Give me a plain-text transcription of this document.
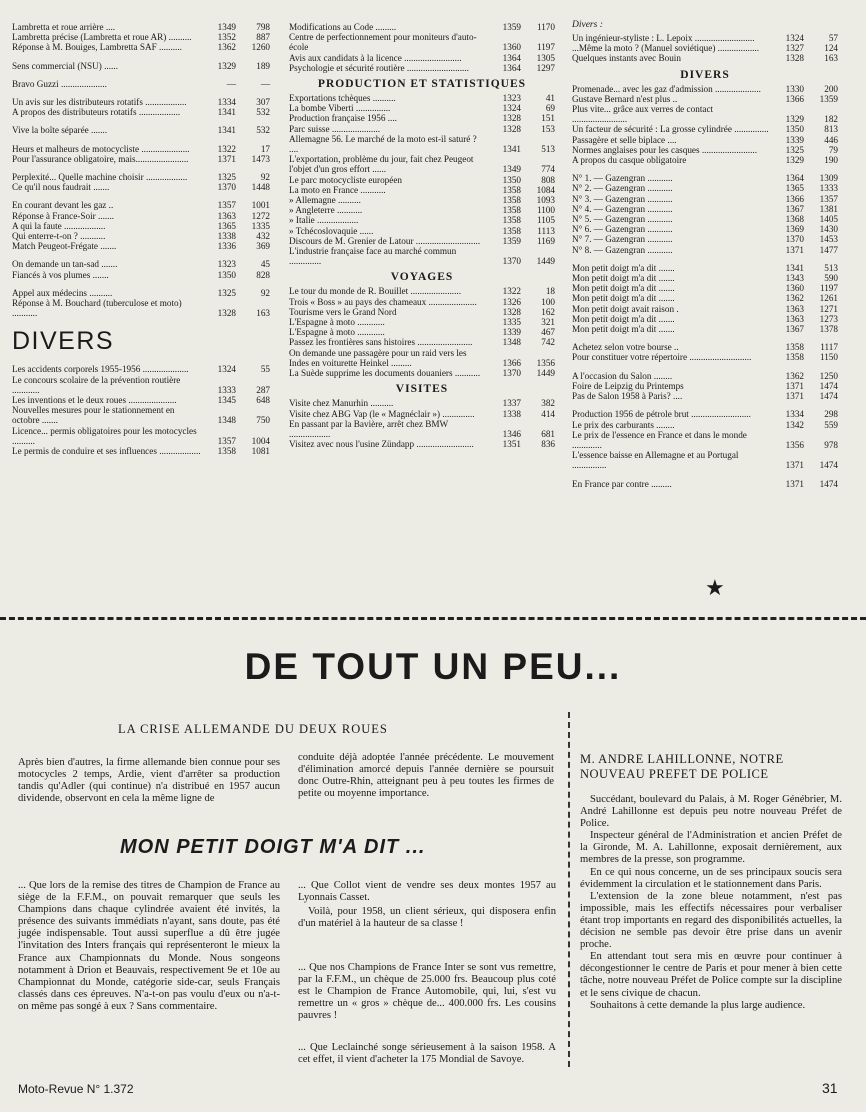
Lambretta et roue arrière ....	1349	798
Lambretta précise (Lambretta et roue AR) ..........	1352	887
Réponse à M. Bouiges, Lambretta SAF ..........	1362	1260
Sens commercial (NSU) ......	1329	189
Bravo Guzzi ....................	—	—
Un avis sur les distributeurs rotatifs ..................	1334	307
A propos des distributeurs rotatifs ..................	1341	532
Vive la boîte séparée .......	1341	532
Heurs et malheurs de motocycliste .....................	1322	17
Pour l'assurance obligatoire, mais.......................	1371	1473
Perplexité... Quelle machine choisir ..................	1325	92
Ce qu'il nous faudrait .......	1370	1448
En courant devant les gaz ..	1357	1001
Réponse à France-Soir .......	1363	1272
A qui la faute ..................	1365	1335
Qui enterre-t-on ? ...........	1338	432
Match Peugeot-Frégate .......	1336	369
On demande un tan-sad .......	1323	45
Fiancés à vos plumes .......	1350	828
Appel aux médecins ..........	1325	92
Réponse à M. Bouchard (tuberculose et moto) ...........	1328	163
DIVERS
Les accidents corporels 1955-1956 ....................	1324	55
Le concours scolaire de la prévention routière ............	1333	287
Les inventions et le deux roues .....................	1345	648
Nouvelles mesures pour le stationnement en octobre .......	1348	750
Licence... permis obligatoires pour les motocycles ..........	1357	1004
Le permis de conduire et ses influences ..................	1358	1081
Modifications au Code .........	1359	1170
Centre de perfectionnement pour moniteurs d'auto-école	1360	1197
Avis aux candidats à la licence .........................	1364	1305
Psychologie et sécurité routière ...........................	1364	1297
PRODUCTION ET STATISTIQUES
Exportations tchèques ..........	1323	41
La bombe Viberti ...............	1324	69
Production française 1956 ....	1328	151
Parc suisse .....................	1328	153
Allemagne 56. Le marché de la moto est-il saturé ? ....	1341	513
L'exportation, problème du jour, fait chez Peugeot l'objet d'un gros effort ......	1349	774
Le parc motocycliste européen	1350	808
La moto en France ...........	1358	1084
» Allemagne ..........	1358	1093
» Angleterre ...........	1358	1100
» Italie ..................	1358	1105
» Tchécoslovaquie ......	1358	1113
Discours de M. Grenier de Latour ............................	1359	1169
L'industrie française face au marché commun ..............	1370	1449
VOYAGES
Le tour du monde de R. Bouillet ......................	1322	18
Trois « Boss » au pays des chameaux .....................	1326	100
Tourisme vers le Grand Nord	1328	162
L'Espagne à moto ............	1335	321
L'Espagne à moto ............	1339	467
Passez les frontières sans histoires ........................	1348	742
On demande une passagère pour un raid vers les Indes en voiturette Heinkel .........	1366	1356
La Suède supprime les documents douaniers ...........	1370	1449
VISITES
Visite chez Manurhin ..........	1337	382
Visite chez ABG Vap (le « Magnéclair ») ..............	1338	414
En passant par la Bavière, arrêt chez BMW ..................	1346	681
Visitez avec nous l'usine Zündapp .........................	1351	836
Divers :
Un ingénieur-styliste : L. Lepoix ..........................	1324	57
...Même la moto ? (Manuel soviétique) ..................	1327	124
Quelques instants avec Bouin	1328	163
DIVERS
Promenade... avec les gaz d'admission ....................	1330	200
Gustave Bernard n'est plus ..	1366	1359
Plus vite... grâce aux verres de contact ........................	1329	182
Un facteur de sécurité : La grosse cylindrée ...............	1350	813
Passagère et selle biplace ....	1339	446
Normes anglaises pour les casques ........................	1325	79
A propos du casque obligatoire	1329	190
N° 1. — Gazengran ...........	1364	1309
N° 2. — Gazengran ...........	1365	1333
N° 3. — Gazengran ...........	1366	1357
N° 4. — Gazengran ...........	1367	1381
N° 5. — Gazengran ...........	1368	1405
N° 6. — Gazengran ...........	1369	1430
N° 7. — Gazengran ...........	1370	1453
N° 8. — Gazengran ...........	1371	1477
Mon petit doigt m'a dit .......	1341	513
Mon petit doigt m'a dit .......	1343	590
Mon petit doigt m'a dit .......	1360	1197
Mon petit doigt m'a dit .......	1362	1261
Mon petit doigt avait raison .	1363	1271
Mon petit doigt m'a dit .......	1363	1273
Mon petit doigt m'a dit .......	1367	1378
Achetez selon votre bourse ..	1358	1117
Pour constituer votre répertoire ...........................	1358	1150
A l'occasion du Salon ........	1362	1250
Foire de Leipzig du Printemps	1371	1474
Pas de Salon 1958 à Paris? ....	1371	1474
Production 1956 de pétrole brut ..........................	1334	298
Le prix des carburants ........	1342	559
Le prix de l'essence en France et dans le monde .............	1356	978
L'essence baisse en Allemagne et au Portugal ...............	1371	1474
En France par contre .........	1371	1474
★
DE TOUT UN PEU...
LA CRISE ALLEMANDE DU DEUX ROUES

Après bien d'autres, la firme allemande bien connue pour ses motocycles 2 temps, Ardie, vient d'arrêter sa production tandis qu'Adler (qui continue) n'a distribué en 1957 aucun dividende, observont en cela la même ligne de

conduite déjà adoptée l'année précédente. Le mouvement d'élimination amorcé depuis l'année dernière se poursuit donc Outre-Rhin, atteignant peu à peu toutes les firmes de petite ou moyenne importance.

MON PETIT DOIGT M'A DIT ...

... Que lors de la remise des titres de Champion de France au siège de la F.F.M., on pouvait remarquer que seuls les Champions dans chaque cylindrée avaient été invités, la présence des suivants immédiats n'ayant, sans doute, pas été jugée indispensable. Tout aussi superflue a dû être jugée l'invitation des Inters français qui représenteront le mieux la France aux Championnats du Monde. Nous songeons notamment à Drion et Beauvais, respectivement 9e et 10e au Championnat du Monde, catégorie side-car, seuls Français classés dans ces épreuves. N'a-t-on pas voulu d'eux ou n'a-t-on même pas songé à eux ? Sans commentaire.

... Que Collot vient de vendre ses deux montes 1957 au Lyonnais Casset.

Voilà, pour 1958, un client sérieux, qui disposera enfin d'un matériel à la hauteur de sa classe !

... Que nos Champions de France Inter se sont vus remettre, par la F.F.M., un chèque de 25.000 frs. Beaucoup plus coté est le Champion de France Automobile, qui, lui, s'est vu remettre un « gros » chèque de... 400.000 frs. Les cousins pauvres !

... Que Leclainché songe sérieusement à la saison 1958. A cet effet, il vient d'acheter la 175 Mondial de Savoye.

M. ANDRE LAHILLONNE, NOTRE NOUVEAU PREFET DE POLICE

Succédant, boulevard du Palais, à M. Roger Génébrier, M. André Lahillonne est depuis peu notre nouveau Préfet de Police.

Inspecteur général de l'Administration et ancien Préfet de la Gironde, M. A. Lahillonne, exposait dernièrement, aux membres de la presse, son programme.

En ce qui nous concerne, un de ses principaux soucis sera évidemment la circulation et le stationnement dans Paris.

L'extension de la zone bleue notamment, n'est pas impossible, mais les effectifs nécessaires pour verbaliser étant trop importants en regard des disponibilités actuelles, la décision ne semble pas devoir être prise dans un avenir proche.

En attendant tout sera mis en œuvre pour continuer à décongestionner le centre de Paris et pour mener à bien cette tâche, notre nouveau Préfet de Police compte sur la discipline et le sens civique de chacun.

Souhaitons à cette demande la plus large audience.

Moto-Revue N° 1.372	31
